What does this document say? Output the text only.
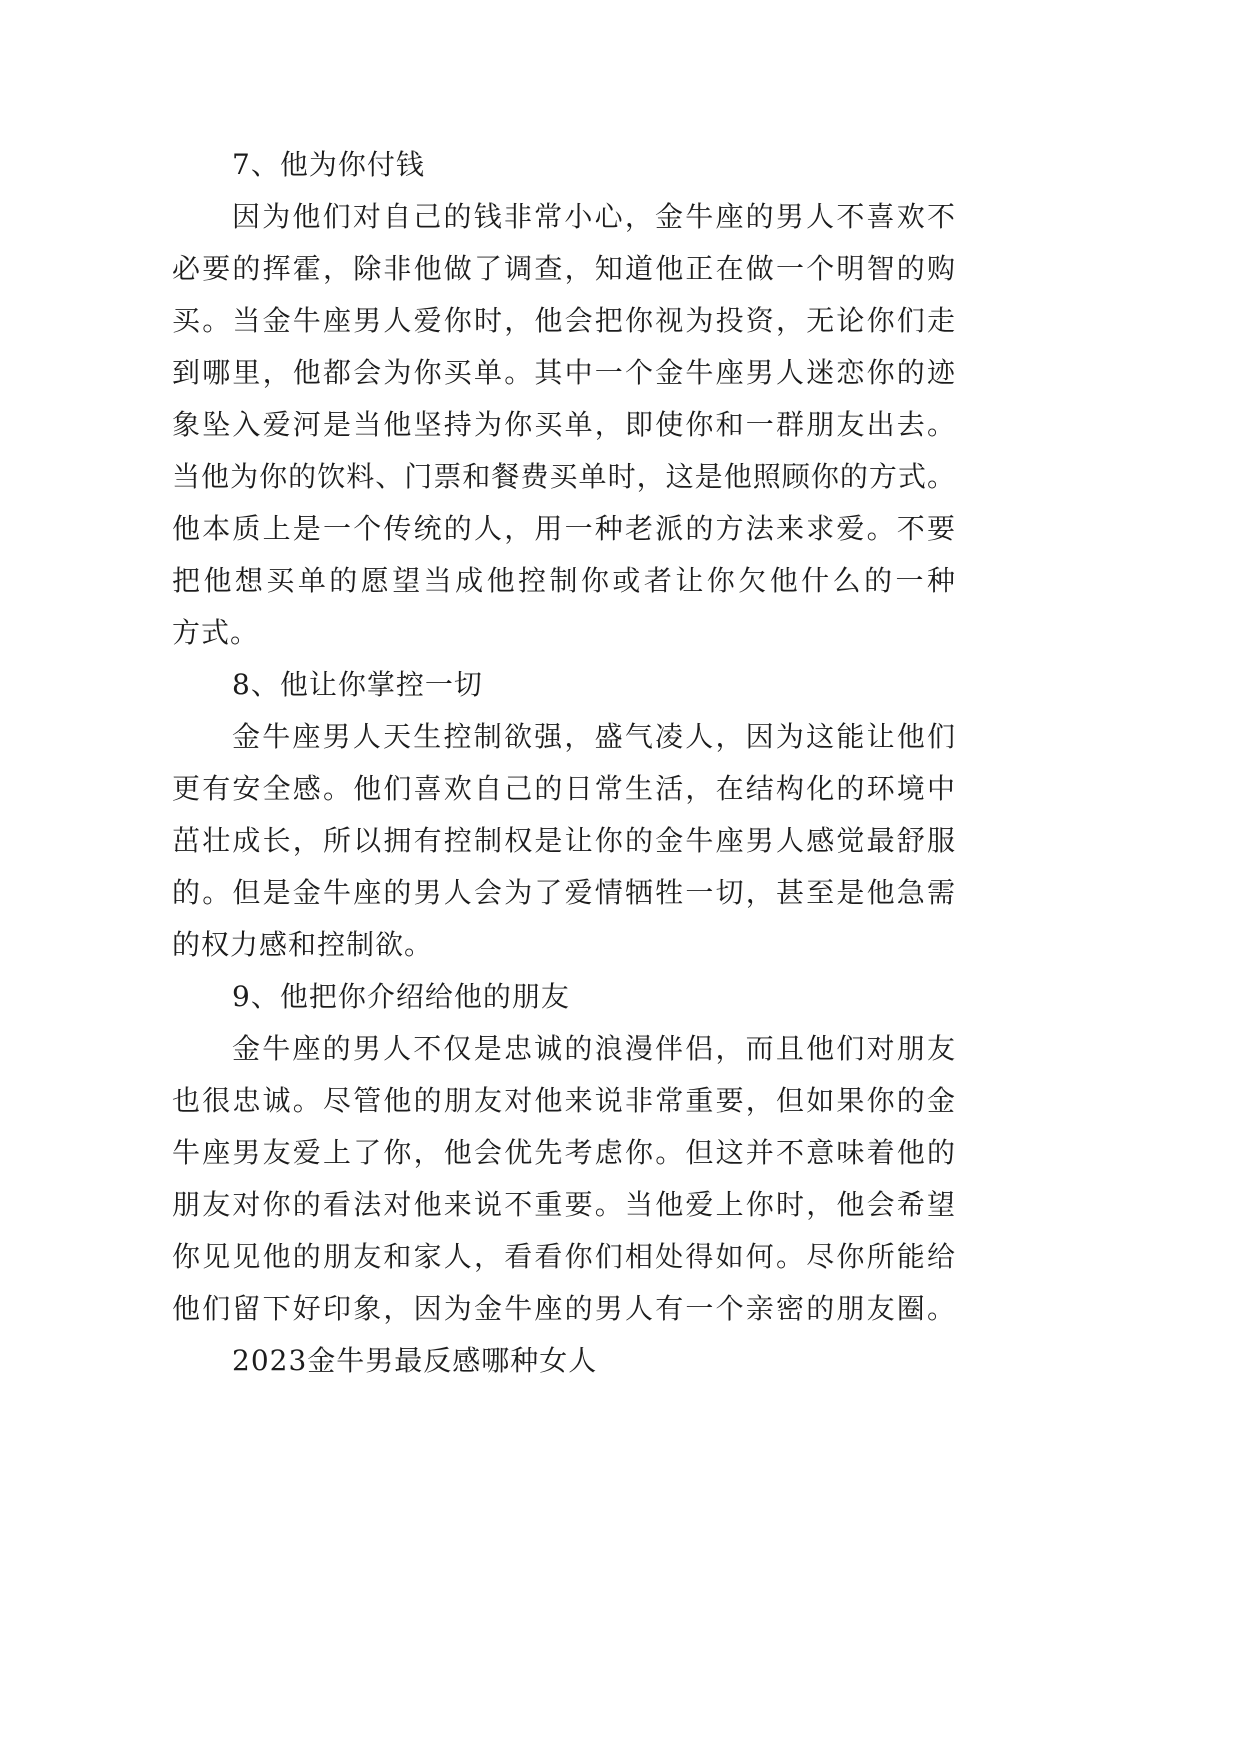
7、他为你付钱
因为他们对自己的钱非常小心，金牛座的男人不喜欢不
必要的挥霍，除非他做了调查，知道他正在做一个明智的购
买。当金牛座男人爱你时，他会把你视为投资，无论你们走
到哪里，他都会为你买单。其中一个金牛座男人迷恋你的迹
象坠入爱河是当他坚持为你买单，即使你和一群朋友出去。
当他为你的饮料、门票和餐费买单时，这是他照顾你的方式。
他本质上是一个传统的人，用一种老派的方法来求爱。不要
把他想买单的愿望当成他控制你或者让你欠他什么的一种
方式。
8、他让你掌控一切
金牛座男人天生控制欲强，盛气凌人，因为这能让他们
更有安全感。他们喜欢自己的日常生活，在结构化的环境中
茁壮成长，所以拥有控制权是让你的金牛座男人感觉最舒服
的。但是金牛座的男人会为了爱情牺牲一切，甚至是他急需
的权力感和控制欲。
9、他把你介绍给他的朋友
金牛座的男人不仅是忠诚的浪漫伴侣，而且他们对朋友
也很忠诚。尽管他的朋友对他来说非常重要，但如果你的金
牛座男友爱上了你，他会优先考虑你。但这并不意味着他的
朋友对你的看法对他来说不重要。当他爱上你时，他会希望
你见见他的朋友和家人，看看你们相处得如何。尽你所能给
他们留下好印象，因为金牛座的男人有一个亲密的朋友圈。
2023金牛男最反感哪种女人
